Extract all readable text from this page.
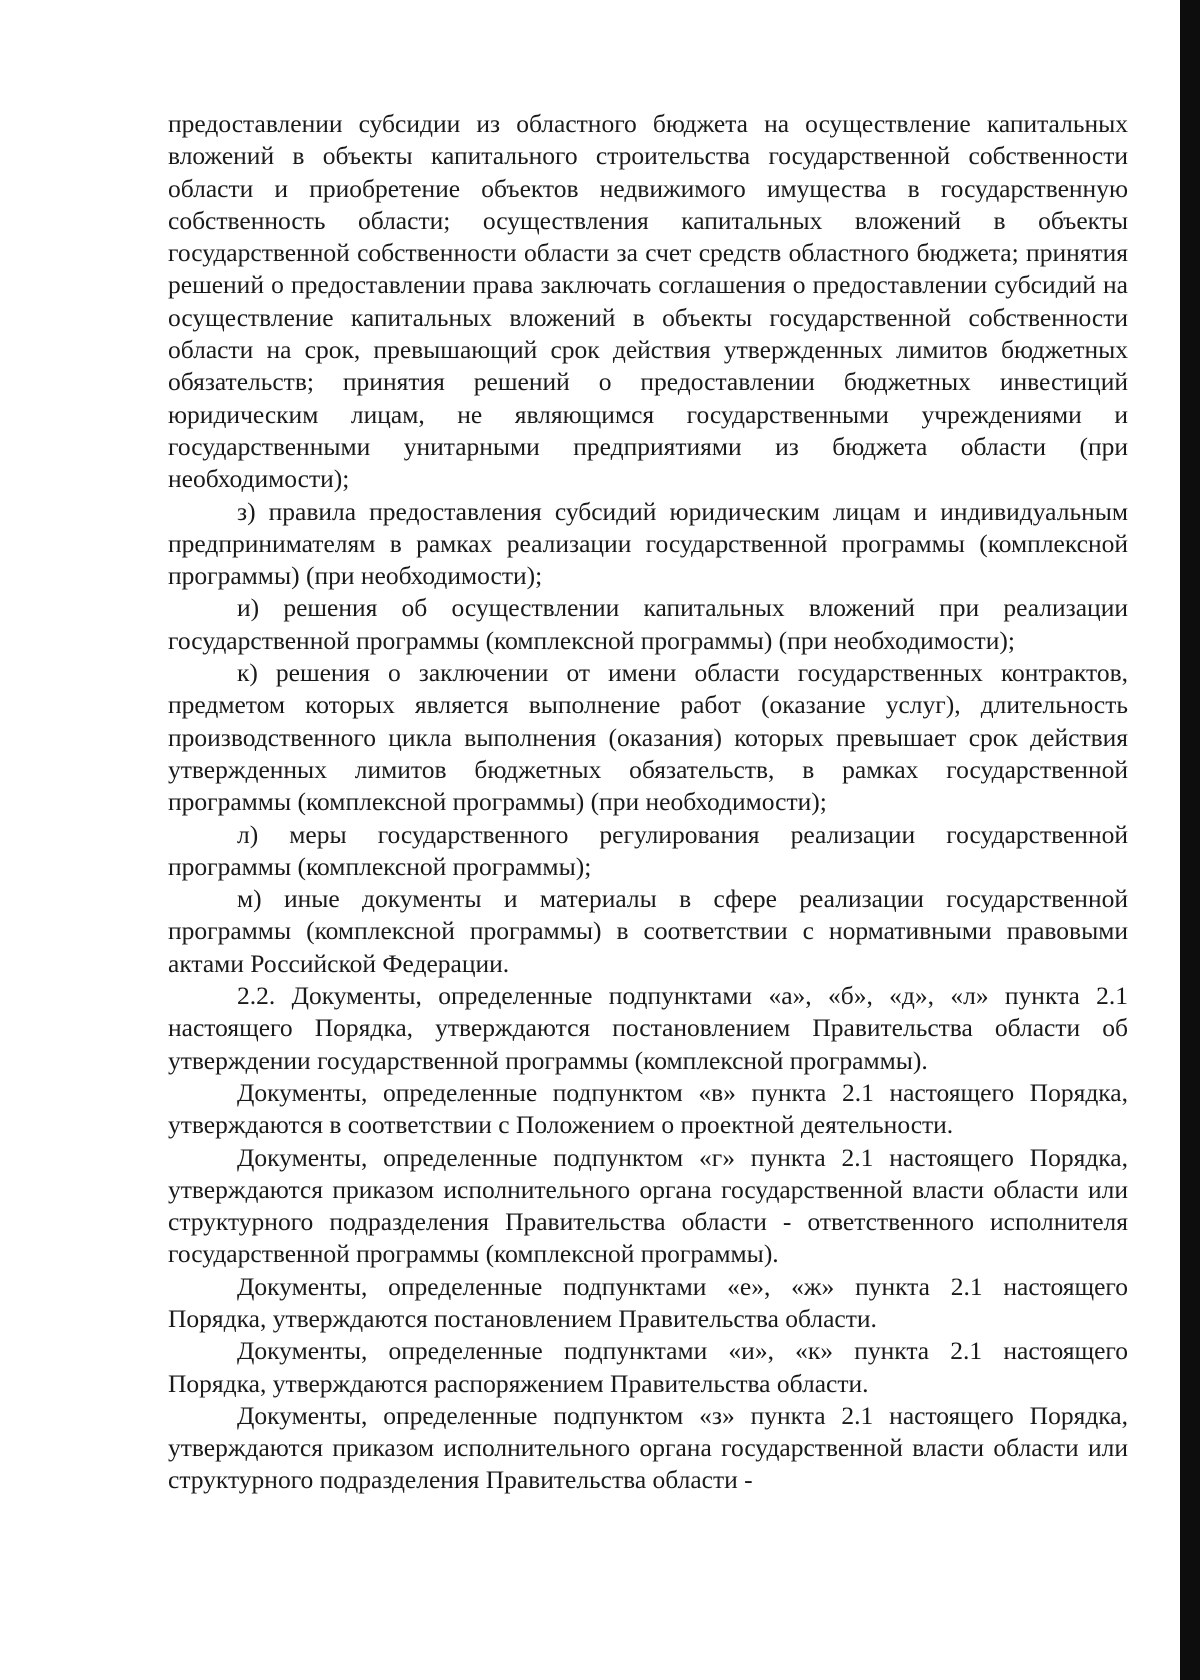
предоставлении субсидии из областного бюджета на осуществление капитальных вложений в объекты капитального строительства государственной собственности области и приобретение объектов недвижимого имущества в государственную собственность области; осуществления капитальных вложений в объекты государственной собственности области за счет средств областного бюджета; принятия решений о предоставлении права заключать соглашения о предоставлении субсидий на осуществление капитальных вложений в объекты государственной собственности области на срок, превышающий срок действия утвержденных лимитов бюджетных обязательств; принятия решений о предоставлении бюджетных инвестиций юридическим лицам, не являющимся государственными учреждениями и государственными унитарными предприятиями из бюджета области (при необходимости);

з) правила предоставления субсидий юридическим лицам и индивидуальным предпринимателям в рамках реализации государственной программы (комплексной программы) (при необходимости);

и) решения об осуществлении капитальных вложений при реализации государственной программы (комплексной программы) (при необходимости);

к) решения о заключении от имени области государственных контрактов, предметом которых является выполнение работ (оказание услуг), длительность производственного цикла выполнения (оказания) которых превышает срок действия утвержденных лимитов бюджетных обязательств, в рамках государственной программы (комплексной программы) (при необходимости);

л) меры государственного регулирования реализации государственной программы (комплексной программы);

м) иные документы и материалы в сфере реализации государственной программы (комплексной программы) в соответствии с нормативными правовыми актами Российской Федерации.

2.2. Документы, определенные подпунктами «а», «б», «д», «л» пункта 2.1 настоящего Порядка, утверждаются постановлением Правительства области об утверждении государственной программы (комплексной программы).

Документы, определенные подпунктом «в» пункта 2.1 настоящего Порядка, утверждаются в соответствии с Положением о проектной деятельности.

Документы, определенные подпунктом «г» пункта 2.1 настоящего Порядка, утверждаются приказом исполнительного органа государственной власти области или структурного подразделения Правительства области - ответственного исполнителя государственной программы (комплексной программы).

Документы, определенные подпунктами «е», «ж» пункта 2.1 настоящего Порядка, утверждаются постановлением Правительства области.

Документы, определенные подпунктами «и», «к» пункта 2.1 настоящего Порядка, утверждаются распоряжением Правительства области.

Документы, определенные подпунктом «з» пункта 2.1 настоящего Порядка, утверждаются приказом исполнительного органа государственной власти области или структурного подразделения Правительства области -
